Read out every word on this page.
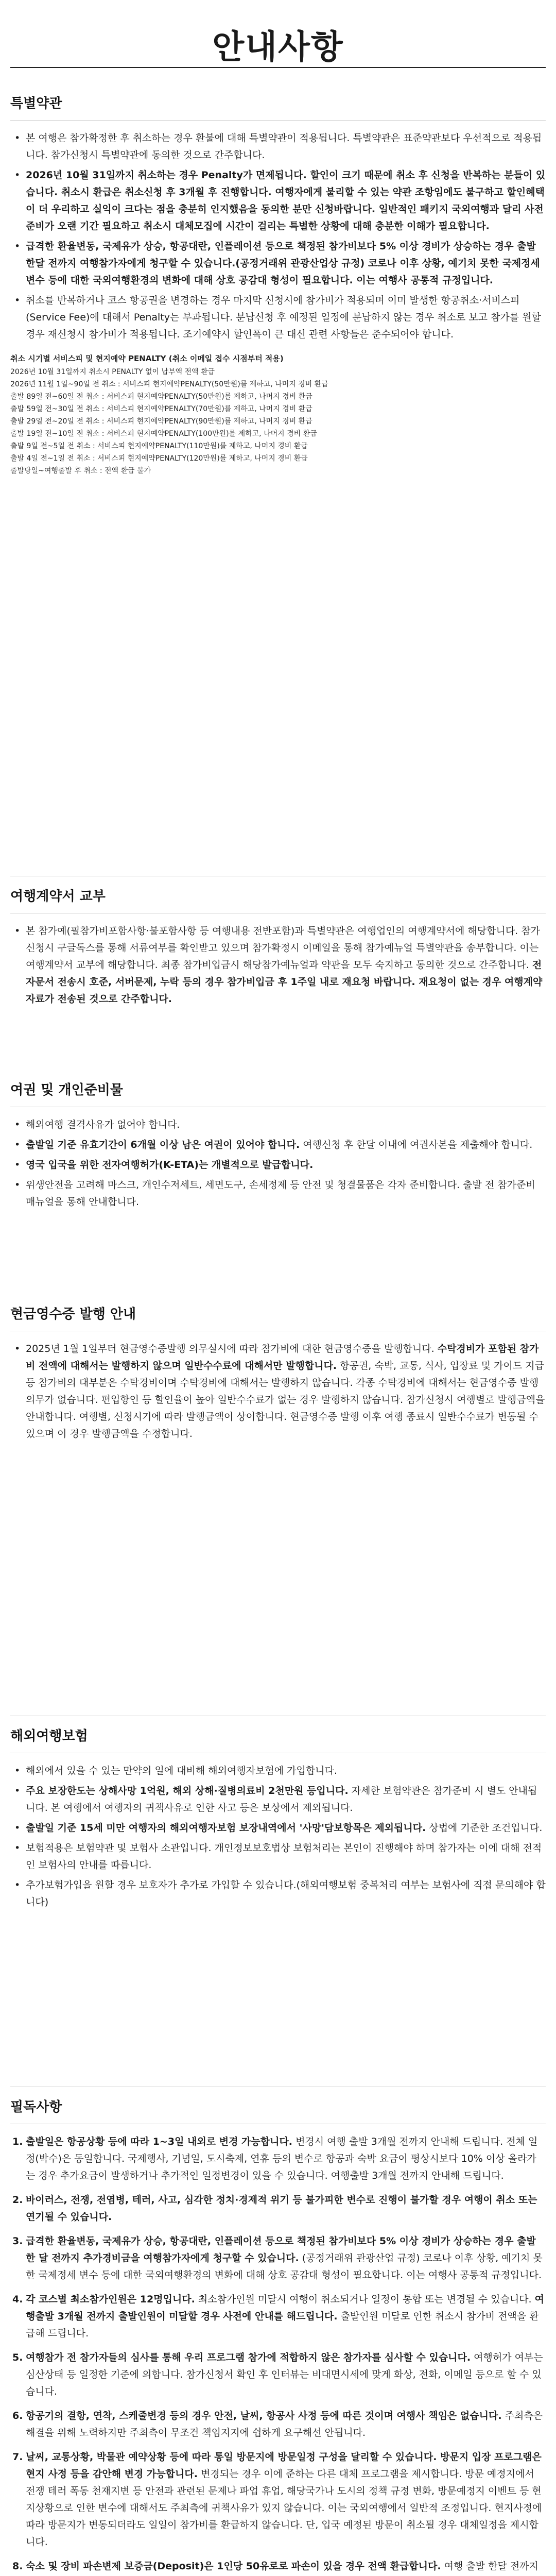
안내사항
특별약관
• 본 여행은 참가확정한 후 취소하는 경우 환불에 대해 특별약관이 적용됩니다. 특별약관은 표준약관보다 우선적으로 적용됩니다. 참가신청시 특별약관에 동의한 것으로 간주합니다.
• 2026년 10월 31일까지 취소하는 경우 Penalty가 면제됩니다. 할인이 크기 때문에 취소 후 신청을 반복하는 분들이 있습니다. 취소시 환급은 취소신청 후 3개월 후 진행합니다. 여행자에게 불리할 수 있는 약관 조항임에도 불구하고 할인혜택이 더 우리하고 실익이 크다는 점을 충분히 인지했음을 동의한 분만 신청바랍니다. 일반적인 패키지 국외여행과 달리 사전 준비가 오랜 기간 필요하고 취소시 대체모집에 시간이 걸리는 특별한 상황에 대해 충분한 이해가 필요합니다.
• 급격한 환율변동, 국제유가 상승, 항공대란, 인플레이션 등으로 책정된 참가비보다 5% 이상 경비가 상승하는 경우 출발 한달 전까지 여행참가자에게 청구할 수 있습니다.(공정거래위 관광산업상 규정) 코로나 이후 상황, 예기치 못한 국제정세 변수 등에 대한 국외여행환경의 변화에 대해 상호 공감대 형성이 필요합니다. 이는 여행사 공통적 규정입니다.
• 취소를 반복하거나 코스 항공권을 변경하는 경우 마지막 신청시에 참가비가 적용되며 이미 발생한 항공취소·서비스피(Service Fee)에 대해서 Penalty는 부과됩니다. 분납신청 후 예정된 일정에 분납하지 않는 경우 취소로 보고 참가를 원할 경우 재신청시 참가비가 적용됩니다. 조기예약시 할인폭이 큰 대신 관련 사항들은 준수되어야 합니다.
취소 시기별 서비스피 및 현지예약 PENALTY (취소 이메일 접수 시점부터 적용)
2026년 10월 31일까지 취소시 PENALTY 없이 납부액 전액 환급
2026년 11월 1일~90일 전 취소 : 서비스피 현지예약PENALTY(50만원)를 제하고, 나머지 경비 환급
출발 89일 전~60일 전 취소 : 서비스피 현지예약PENALTY(50만원)를 제하고, 나머지 경비 환급
출발 59일 전~30일 전 취소 : 서비스피 현지예약PENALTY(70만원)를 제하고, 나머지 경비 환급
출발 29일 전~20일 전 취소 : 서비스피 현지예약PENALTY(90만원)를 제하고, 나머지 경비 환급
출발 19일 전~10일 전 취소 : 서비스피 현지예약PENALTY(100만원)를 제하고, 나머지 경비 환급
출발 9일 전~5일 전 취소 : 서비스피 현지예약PENALTY(110만원)를 제하고, 나머지 경비 환급
출발 4일 전~1일 전 취소 : 서비스피 현지예약PENALTY(120만원)를 제하고, 나머지 경비 환급
출발당일~여행출발 후 취소 : 전액 환급 불가
여행계약서 교부
• 본 참가예(필참가비포함사항·불포함사항 등 여행내용 전반포함)과 특별약관은 여행업인의 여행계약서에 해당합니다. 참가신청시 구글독스를 통해 서류여부를 확인받고 있으며 참가확정시 이메일을 통해 참가예뉴얼 특별약관을 송부합니다. 이는 여행계약서 교부에 해당합니다. 최종 참가비입금시 해당참가예뉴얼과 약관을 모두 숙지하고 동의한 것으로 간주합니다. 전자문서 전송시 호준, 서버문제, 누락 등의 경우 참가비입금 후 1주일 내로 재요청 바랍니다. 재요청이 없는 경우 여행계약 자료가 전송된 것으로 간주합니다.
여권 및 개인준비물
• 해외여행 결격사유가 없어야 합니다.
• 출발일 기준 유효기간이 6개월 이상 남은 여권이 있어야 합니다. 여행신청 후 한달 이내에 여권사본을 제출해야 합니다.
• 영국 입국을 위한 전자여행허가(K-ETA)는 개별적으로 발급합니다.
• 위생안전을 고려해 마스크, 개인수저세트, 세면도구, 손세정제 등 안전 및 청결물품은 각자 준비합니다. 출발 전 참가준비 매뉴얼을 통해 안내합니다.
현금영수증 발행 안내
• 2025년 1월 1일부터 현금영수증발행 의무실시에 따라 참가비에 대한 현금영수증을 발행합니다. 수탁경비가 포함된 참가비 전액에 대해서는 발행하지 않으며 일반수수료에 대해서만 발행합니다. 항공권, 숙박, 교통, 식사, 입장료 및 가이드 지급 등 참가비의 대부분은 수탁경비이며 수탁경비에 대해서는 발행하지 않습니다. 각종 수탁경비에 대해서는 현금영수증 발행 의무가 없습니다. 편입항인 등 할인율이 높아 일반수수료가 없는 경우 발행하지 않습니다. 참가신청시 여행별로 발행금액을 안내합니다. 여행별, 신청시기에 따라 발행금액이 상이합니다. 현금영수증 발행 이후 여행 종료시 일반수수료가 변동될 수 있으며 이 경우 발행금액을 수정합니다.
해외여행보험
• 해외에서 있을 수 있는 만약의 일에 대비해 해외여행자보험에 가입합니다.
• 주요 보장한도는 상해사망 1억원, 해외 상해·질병의료비 2천만원 등입니다. 자세한 보험약관은 참가준비 시 별도 안내됩니다. 본 여행에서 여행자의 귀책사유로 인한 사고 등은 보상에서 제외됩니다.
• 출발일 기준 15세 미만 여행자의 해외여행자보험 보장내역에서 '사망'담보항목은 제외됩니다. 상법에 기준한 조건입니다.
• 보험적용은 보험약관 및 보험사 소관입니다. 개인정보보호법상 보험처리는 본인이 진행해야 하며 참가자는 이에 대해 전적인 보험사의 안내를 따릅니다.
• 추가보험가입을 원할 경우 보호자가 추가로 가입할 수 있습니다.(해외여행보험 중복처리 여부는 보험사에 직접 문의해야 합니다)
필독사항
1. 출발일은 항공상황 등에 따라 1~3일 내외로 변경 가능합니다. 변경시 여행 출발 3개월 전까지 안내해 드립니다. 전체 일정(박수)은 동일합니다. 국제행사, 기념일, 도시축제, 연휴 등의 변수로 항공과 숙박 요금이 평상시보다 10% 이상 올라가는 경우 추가요금이 발생하거나 추가적인 일정변경이 있을 수 있습니다. 여행출발 3개월 전까지 안내해 드립니다.
2. 바이러스, 전쟁, 전염병, 테러, 사고, 심각한 정치·경제적 위기 등 불가피한 변수로 진행이 불가할 경우 여행이 취소 또는 연기될 수 있습니다.
3. 급격한 환율변동, 국제유가 상승, 항공대란, 인플레이션 등으로 책정된 참가비보다 5% 이상 경비가 상승하는 경우 출발 한 달 전까지 추가경비금을 여행참가자에게 청구할 수 있습니다. (공정거래위 관광산업 규정) 코로나 이후 상황, 예기치 못한 국제정세 변수 등에 대한 국외여행환경의 변화에 대해 상호 공감대 형성이 필요합니다. 이는 여행사 공통적 규정입니다.
4. 각 코스별 최소참가인원은 12명입니다. 최소참가인원 미달시 여행이 취소되거나 일정이 통합 또는 변경될 수 있습니다. 여행출발 3개월 전까지 출발인원이 미달할 경우 사전에 안내를 해드립니다. 출발인원 미달로 인한 취소시 참가비 전액을 환급해 드립니다.
5. 여행참가 전 참가자들의 심사를 통해 우리 프로그램 참가에 적합하지 않은 참가자를 심사할 수 있습니다. 여행허가 여부는 심산상태 등 일정한 기준에 의합니다. 참가신청서 확인 후 인터뷰는 비대면시세에 맞게 화상, 전화, 이메일 등으로 할 수 있습니다.
6. 항공기의 결항, 연착, 스케줄변경 등의 경우 안전, 날씨, 항공사 사정 등에 따른 것이며 여행사 책임은 없습니다. 주최측은 해결을 위해 노력하지만 주최측이 무조건 책임지지에 쉽하게 요구해선 안됩니다.
7. 날씨, 교통상황, 박물관 예약상황 등에 따라 통일 방문지에 방문일정 구성을 달리할 수 있습니다. 방문지 입장 프로그램은 현지 사정 등을 감안해 변경 가능합니다. 변경되는 경우 이에 준하는 다른 대체 프로그램을 제시합니다. 방문 예정지에서 전쟁 테러 폭동 천재지변 등 안전과 관련된 문제나 파업 휴업, 해당국가나 도시의 정책 규정 변화, 방문예정지 이벤트 등 현지상황으로 인한 변수에 대해서도 주최측에 귀책사유가 있지 않습니다. 이는 국외여행에서 일반적 조정입니다. 현지사정에 따라 방문지가 변동되더라도 일일이 참가비를 환급하지 않습니다. 단, 입국 예정된 방문이 취소될 경우 대체일정을 제시합니다.
8. 숙소 및 장비 파손변제 보증금(Deposit)은 1인당 50유로로 파손이 있을 경우 전액 환급합니다. 여행 출발 한달 전까지
